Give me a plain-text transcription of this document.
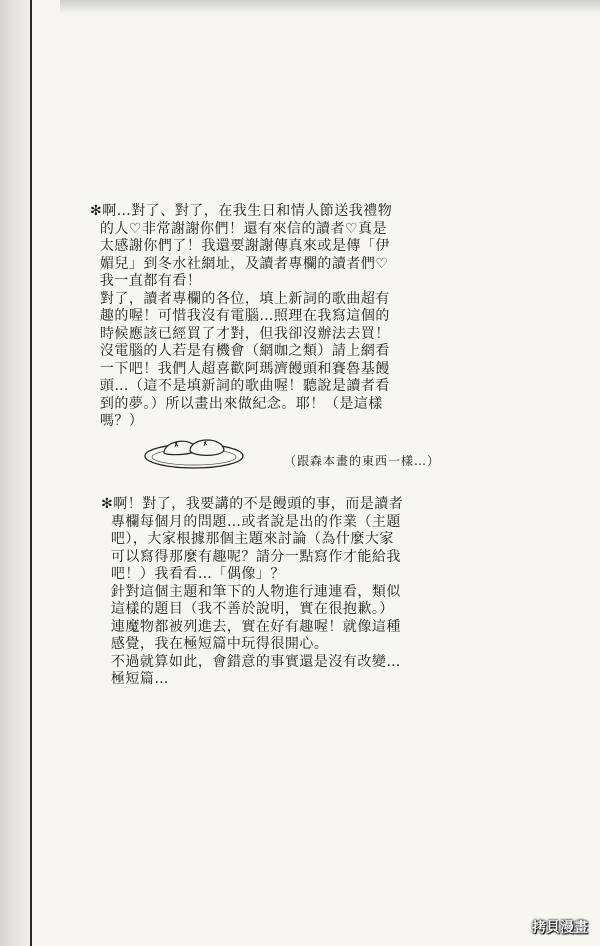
✻啊…對了、對了，在我生日和情人節送我禮物

的人♡非常謝謝你們！還有來信的讀者♡真是

太感謝你們了！我還要謝謝傳真來或是傳「伊

媚兒」到冬水社網址，及讀者專欄的讀者們♡

我一直都有看！

對了，讀者專欄的各位，填上新詞的歌曲超有

趣的喔！可惜我沒有電腦…照理在我寫這個的

時候應該已經買了才對，但我卻沒辦法去買！

沒電腦的人若是有機會（網咖之類）請上網看

一下吧！我們人超喜歡阿瑪濟饅頭和賽魯基饅

頭…（這不是填新詞的歌曲喔！聽說是讀者看

到的夢。）所以畫出來做紀念。耶！（是這樣

嗎？）

（跟森本畫的東西一樣…）

✻啊！對了，我要講的不是饅頭的事，而是讀者

專欄每個月的問題…或者說是出的作業（主題

吧），大家根據那個主題來討論（為什麼大家

可以寫得那麼有趣呢？請分一點寫作才能給我

吧！）我看看…「偶像」？

針對這個主題和筆下的人物進行連連看，類似

這樣的題目（我不善於說明，實在很抱歉。）

連魔物都被列進去，實在好有趣喔！就像這種

感覺，我在極短篇中玩得很開心。

不過就算如此，會錯意的事實還是沒有改變…

極短篇…

拷貝漫畫
